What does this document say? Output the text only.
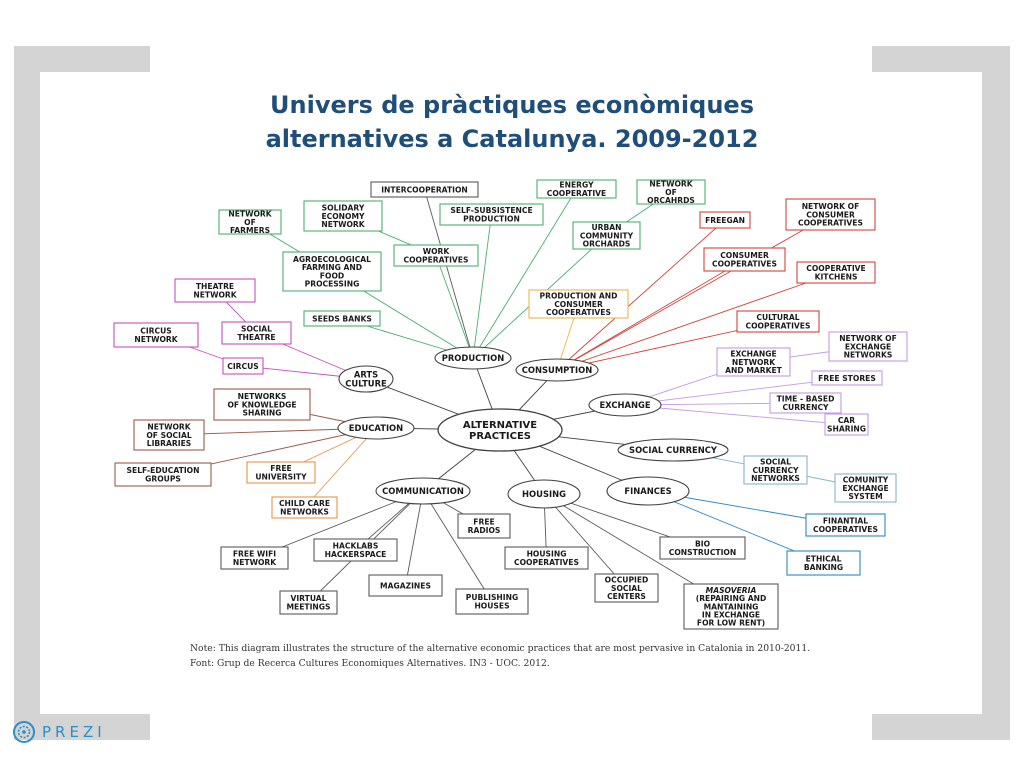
Univers de pràctiques econòmiques
alternatives a Catalunya. 2009-2012
INTERCOOPERATION
ENERGY COOPERATIVE
NETWORK OF ORCAHRDS
SOLIDARY ECONOMY NETWORK
SELF-SUBSISTENCE PRODUCTION
URBAN COMMUNITY ORCHARDS
NETWORK OF FARMERS
WORK COOPERATIVES
AGROECOLOGICAL FARMING AND FOOD PROCESSING
SEEDS BANKS
PRODUCTION AND CONSUMER COOPERATIVES
FREEGAN
NETWORK OF CONSUMER COOPERATIVES
CONSUMER COOPERATIVES
COOPERATIVE KITCHENS
CULTURAL COOPERATIVES
THEATRE NETWORK
SOCIAL THEATRE
CIRCUS NETWORK
CIRCUS
NETWORKS OF KNOWLEDGE SHARING
NETWORK OF SOCIAL LIBRARIES
SELF-EDUCATION GROUPS
FREE UNIVERSITY
CHILD CARE NETWORKS
NETWORK OF EXCHANGE NETWORKS
EXCHANGE NETWORK AND MARKET
FREE STORES
TIME - BASED CURRENCY
CAR SHARING
SOCIAL CURRENCY NETWORKS	COMUNITY EXCHANGE SYSTEM
FINANTIAL COOPERATIVES
ETHICAL BANKING
FREE RADIOS
FREE WIFI NETWORK
HACKLABS HACKERSPACE
VIRTUAL MEETINGS
MAGAZINES
PUBLISHING HOUSES
HOUSING COOPERATIVES
BIO CONSTRUCTION
OCCUPIED SOCIAL CENTERS
MASOVERIA (REPAIRING AND MANTAINING IN EXCHANGE FOR LOW RENT)
PRODUCTION
CONSUMPTION
ARTS CULTURE
EDUCATION
EXCHANGE
SOCIAL CURRENCY
FINANCES
HOUSING
COMMUNICATION
ALTERNATIVE PRACTICES
Note: This diagram illustrates the structure of the alternative economic practices that are most pervasive in Catalonia in 2010-2011.
Font: Grup de Recerca Cultures Economiques Alternatives. IN3 - UOC. 2012.
PREZI
